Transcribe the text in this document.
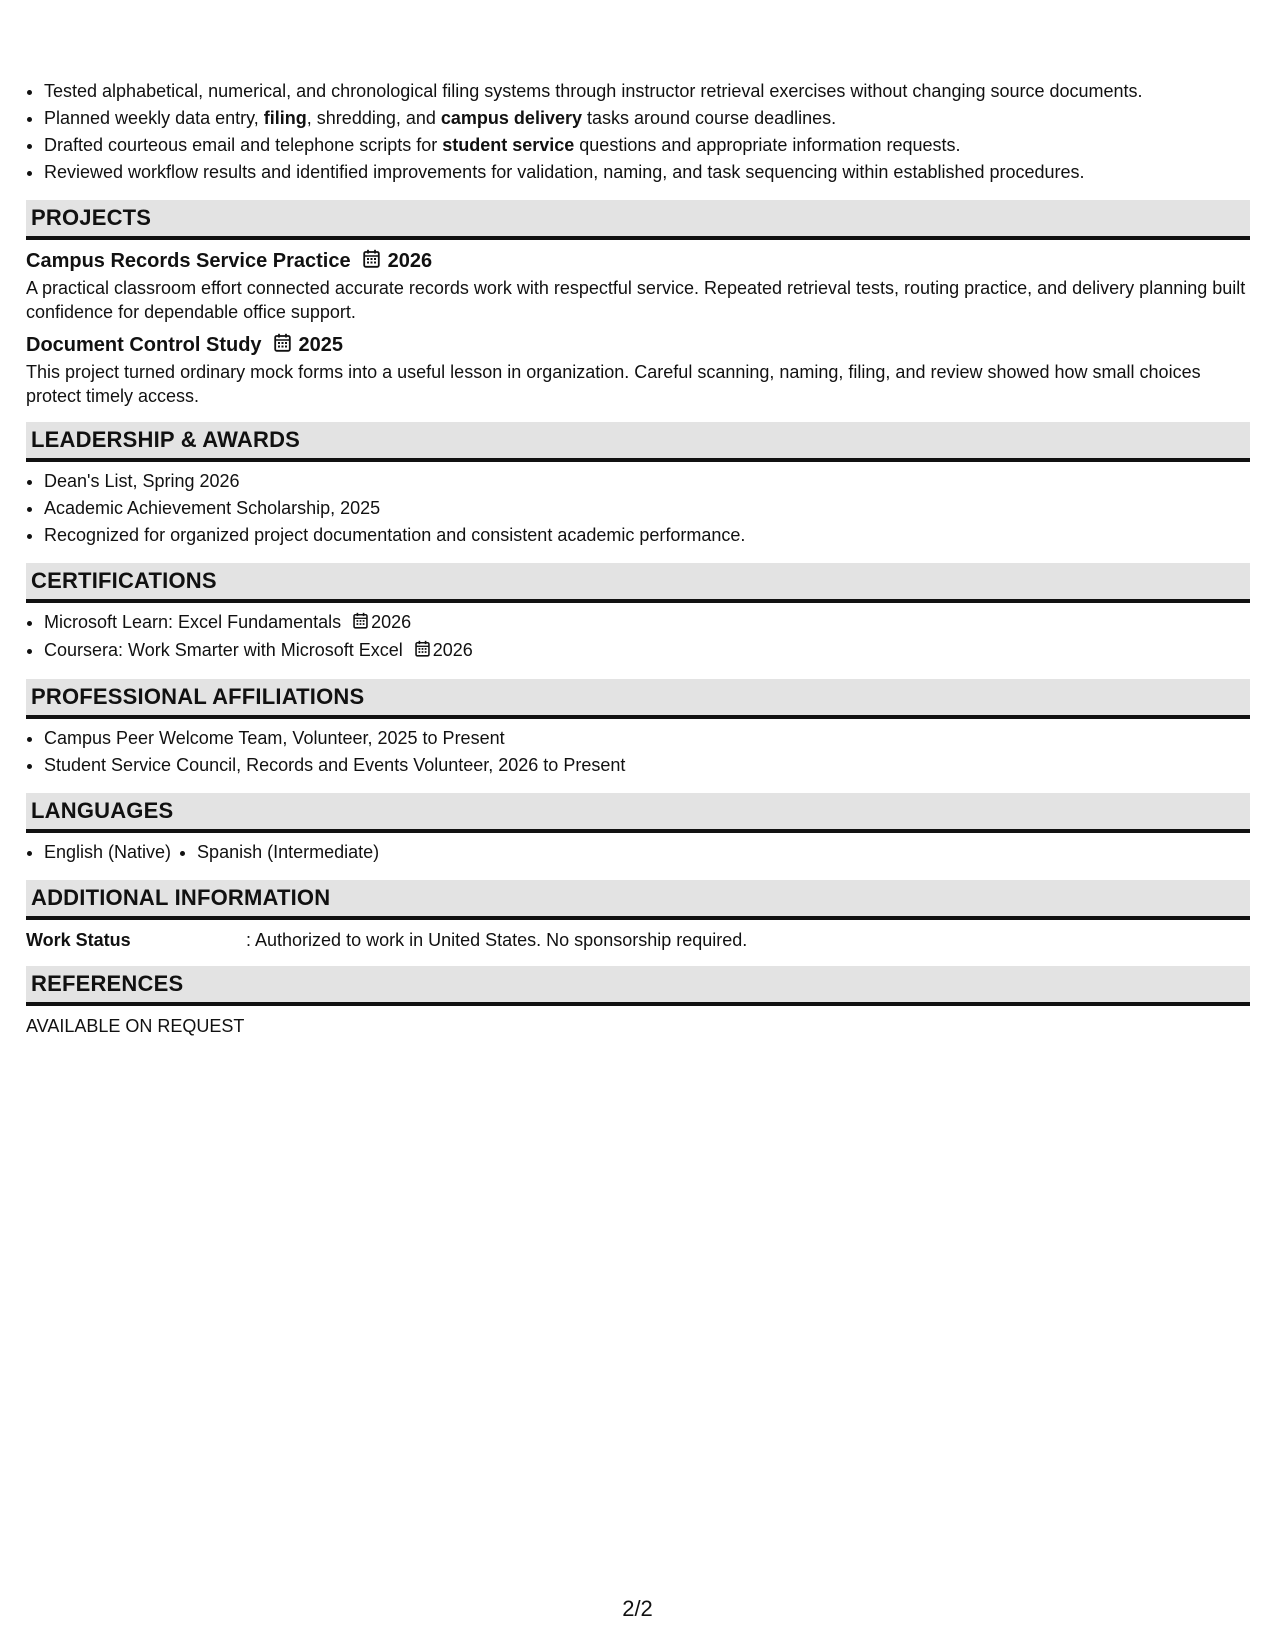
• Tested alphabetical, numerical, and chronological filing systems through instructor retrieval exercises without changing source documents.
• Planned weekly data entry, filing, shredding, and campus delivery tasks around course deadlines.
• Drafted courteous email and telephone scripts for student service questions and appropriate information requests.
• Reviewed workflow results and identified improvements for validation, naming, and task sequencing within established procedures.
PROJECTS
Campus Records Service Practice 2026
A practical classroom effort connected accurate records work with respectful service. Repeated retrieval tests, routing practice, and delivery planning built confidence for dependable office support.
Document Control Study 2025
This project turned ordinary mock forms into a useful lesson in organization. Careful scanning, naming, filing, and review showed how small choices protect timely access.
LEADERSHIP & AWARDS
• Dean's List, Spring 2026
• Academic Achievement Scholarship, 2025
• Recognized for organized project documentation and consistent academic performance.
CERTIFICATIONS
• Microsoft Learn: Excel Fundamentals 2026
• Coursera: Work Smarter with Microsoft Excel 2026
PROFESSIONAL AFFILIATIONS
• Campus Peer Welcome Team, Volunteer, 2025 to Present
• Student Service Council, Records and Events Volunteer, 2026 to Present
LANGUAGES
• English (Native)
• Spanish (Intermediate)
ADDITIONAL INFORMATION
Work Status	: Authorized to work in United States. No sponsorship required.
REFERENCES
AVAILABLE ON REQUEST
2/2
